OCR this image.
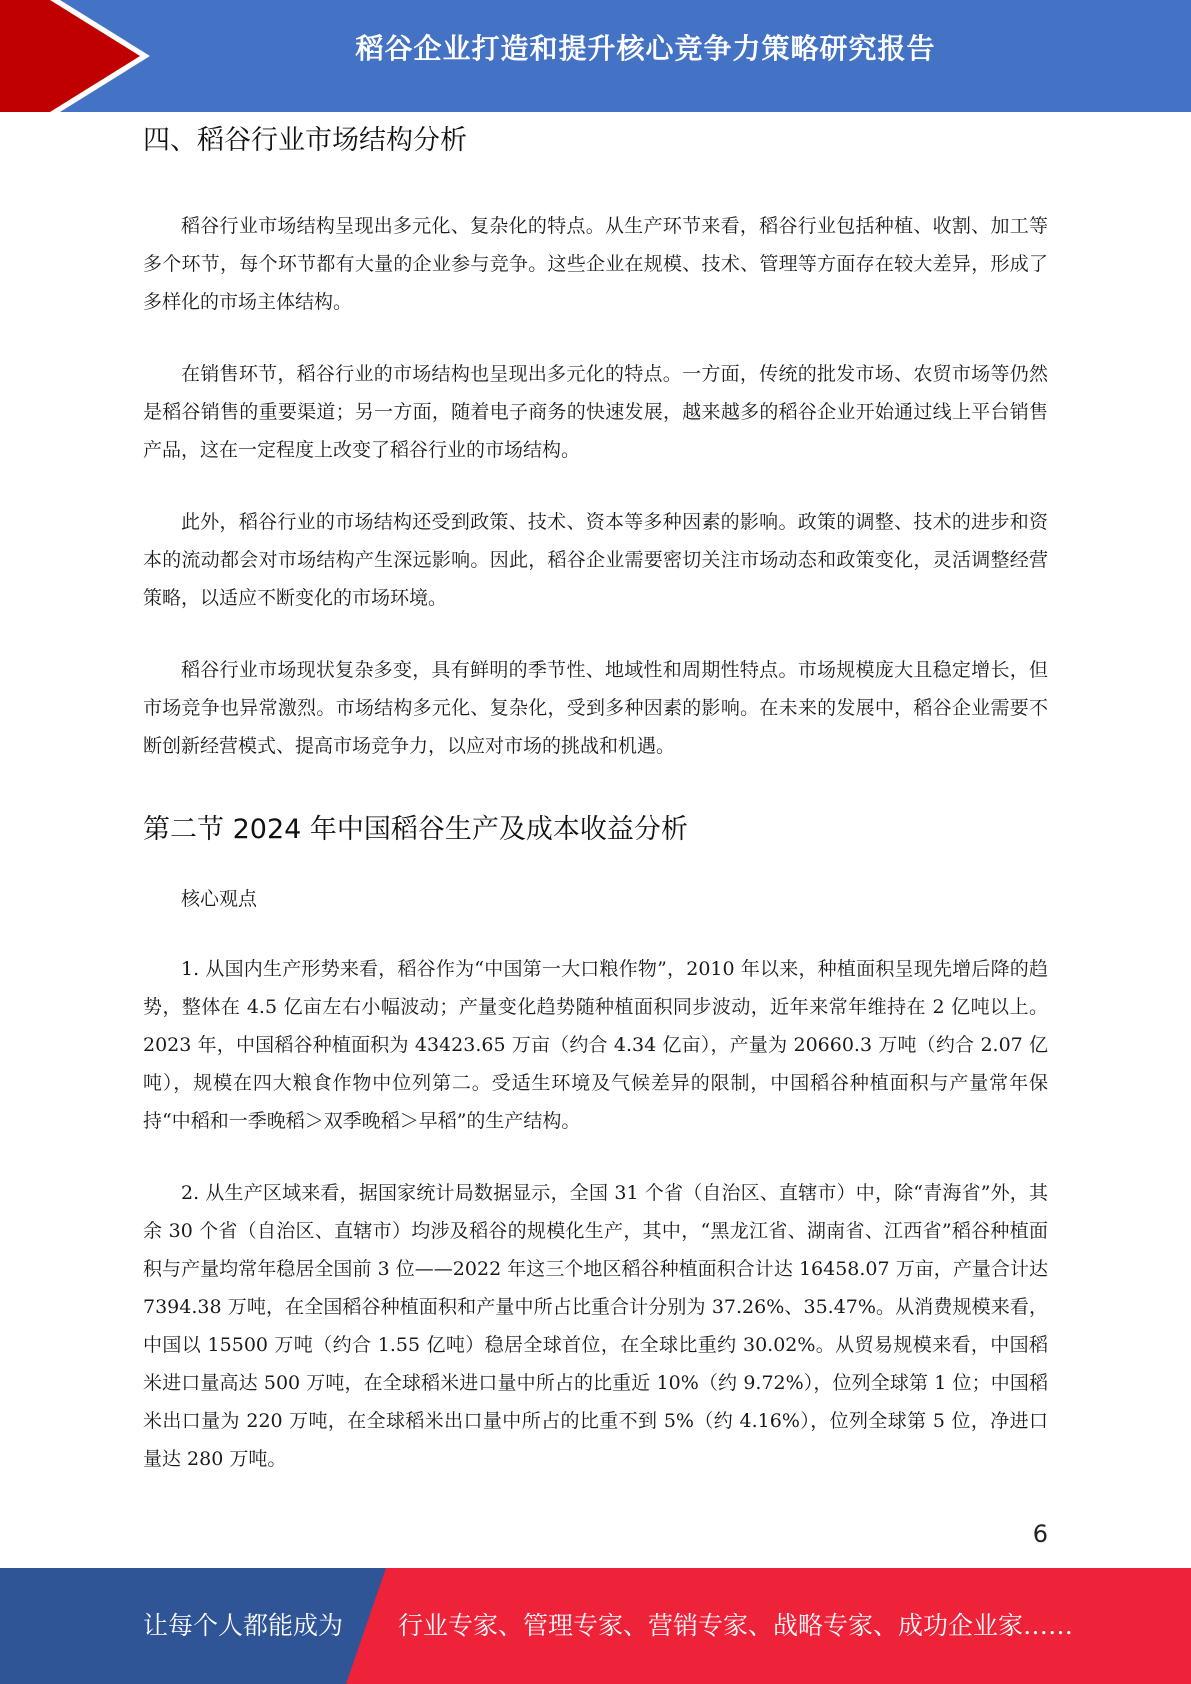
稻谷企业打造和提升核心竞争力策略研究报告
四、稻谷行业市场结构分析

稻谷行业市场结构呈现出多元化、复杂化的特点。从生产环节来看，稻谷行业包括种植、收割、加工等多个环节，每个环节都有大量的企业参与竞争。这些企业在规模、技术、管理等方面存在较大差异，形成了多样化的市场主体结构。

在销售环节，稻谷行业的市场结构也呈现出多元化的特点。一方面，传统的批发市场、农贸市场等仍然是稻谷销售的重要渠道；另一方面，随着电子商务的快速发展，越来越多的稻谷企业开始通过线上平台销售产品，这在一定程度上改变了稻谷行业的市场结构。

此外，稻谷行业的市场结构还受到政策、技术、资本等多种因素的影响。政策的调整、技术的进步和资本的流动都会对市场结构产生深远影响。因此，稻谷企业需要密切关注市场动态和政策变化，灵活调整经营策略，以适应不断变化的市场环境。

稻谷行业市场现状复杂多变，具有鲜明的季节性、地域性和周期性特点。市场规模庞大且稳定增长，但市场竞争也异常激烈。市场结构多元化、复杂化，受到多种因素的影响。在未来的发展中，稻谷企业需要不断创新经营模式、提高市场竞争力，以应对市场的挑战和机遇。

第二节 2024 年中国稻谷生产及成本收益分析

核心观点

1. 从国内生产形势来看，稻谷作为“中国第一大口粮作物”，2010 年以来，种植面积呈现先增后降的趋势，整体在 4.5 亿亩左右小幅波动；产量变化趋势随种植面积同步波动，近年来常年维持在 2 亿吨以上。2023 年，中国稻谷种植面积为 43423.65 万亩（约合 4.34 亿亩），产量为 20660.3 万吨（约合 2.07 亿吨），规模在四大粮食作物中位列第二。受适生环境及气候差异的限制，中国稻谷种植面积与产量常年保持“中稻和一季晚稻＞双季晚稻＞早稻”的生产结构。

2. 从生产区域来看，据国家统计局数据显示，全国 31 个省（自治区、直辖市）中，除“青海省”外，其余 30 个省（自治区、直辖市）均涉及稻谷的规模化生产，其中，“黑龙江省、湖南省、江西省”稻谷种植面积与产量均常年稳居全国前 3 位——2022 年这三个地区稻谷种植面积合计达 16458.07 万亩，产量合计达 7394.38 万吨，在全国稻谷种植面积和产量中所占比重合计分别为 37.26%、35.47%。从消费规模来看，中国以 15500 万吨（约合 1.55 亿吨）稳居全球首位，在全球比重约 30.02%。从贸易规模来看，中国稻米进口量高达 500 万吨，在全球稻米进口量中所占的比重近 10%（约 9.72%），位列全球第 1 位；中国稻米出口量为 220 万吨，在全球稻米出口量中所占的比重不到 5%（约 4.16%），位列全球第 5 位，净进口量达 280 万吨。

6
让每个人都能成为 行业专家、管理专家、营销专家、战略专家、成功企业家……
